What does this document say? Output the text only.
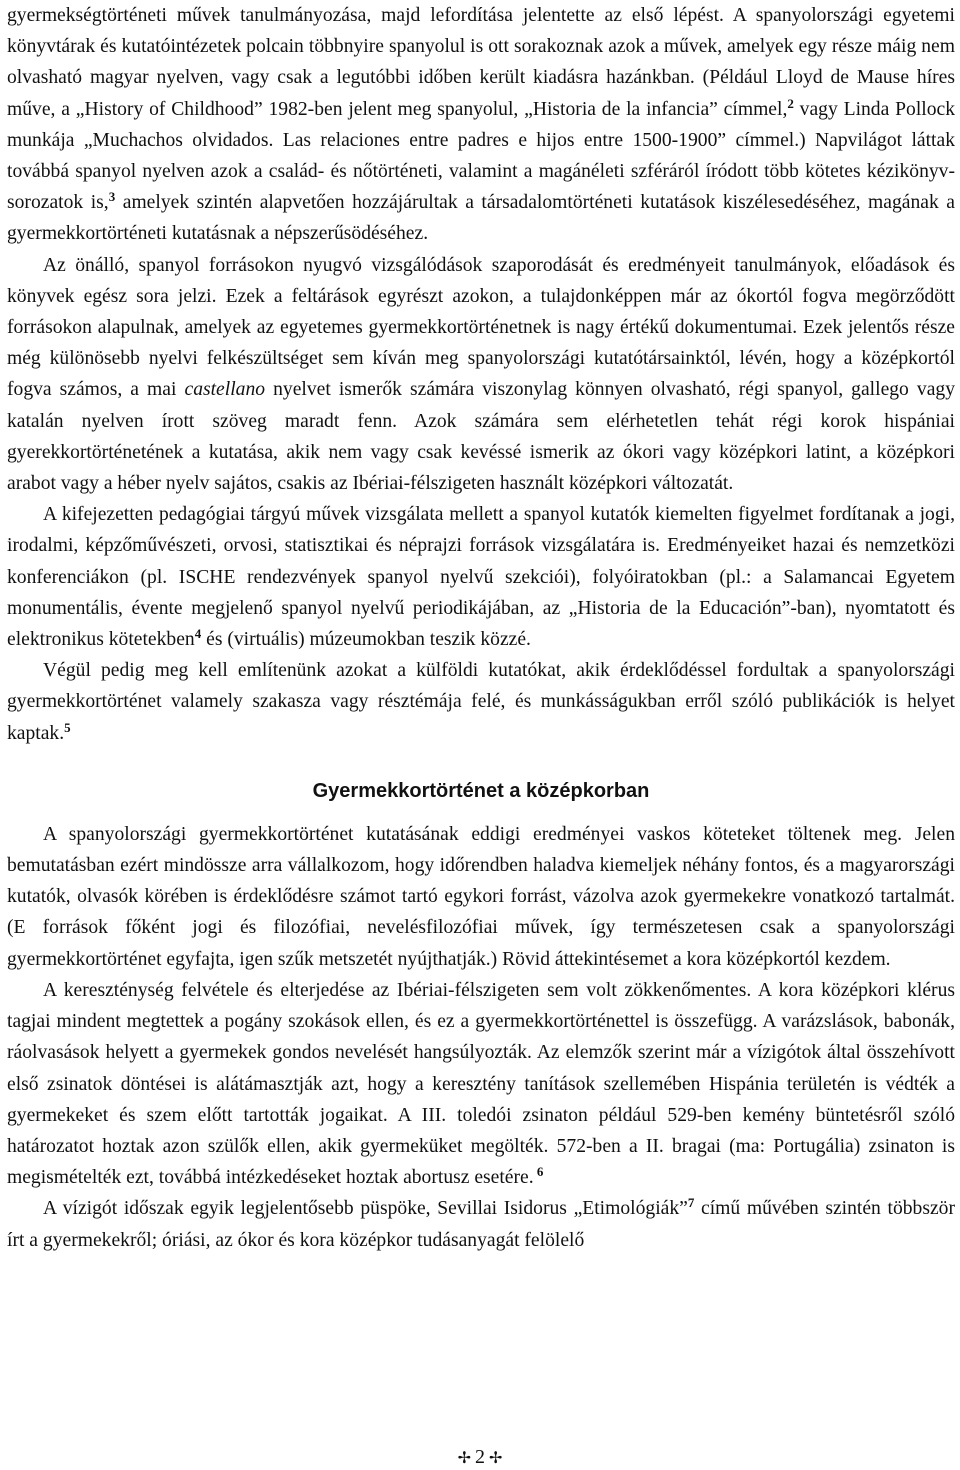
gyermekségtörténeti művek tanulmányozása, majd lefordítása jelentette az első lépést. A spanyolországi egyetemi könyvtárak és kutatóintézetek polcain többnyire spanyolul is ott sorakoznak azok a művek, amelyek egy része máig nem olvasható magyar nyelven, vagy csak a legutóbbi időben került kiadásra hazánkban. (Például Lloyd de Mause híres műve, a „History of Childhood” 1982-ben jelent meg spanyolul, „Historia de la infancia” címmel,$^2$ vagy Linda Pollock munkája „Muchachos olvidados. Las relaciones entre padres e hijos entre 1500-1900” címmel.) Napvilágot láttak továbbá spanyol nyelven azok a család- és nőtörténeti, valamint a magánéleti szféráról íródott több kötetes kézikönyv-sorozatok is,$^3$ amelyek szintén alapvetően hozzájárultak a társadalomtörténeti kutatások kiszélesedéséhez, magának a gyermekkortörténeti kutatásnak a népszerűsödéséhez.

Az önálló, spanyol forrásokon nyugvó vizsgálódások szaporodását és eredményeit tanulmányok, előadások és könyvek egész sora jelzi. Ezek a feltárások egyrészt azokon, a tulajdonképpen már az ókortól fogva megörződött forrásokon alapulnak, amelyek az egyetemes gyermekkortörténetnek is nagy értékű dokumentumai. Ezek jelentős része még különösebb nyelvi felkészültséget sem kíván meg spanyolországi kutatótársainktól, lévén, hogy a középkortól fogva számos, a mai castellano nyelvet ismerők számára viszonylag könnyen olvasható, régi spanyol, gallego vagy katalán nyelven írott szöveg maradt fenn. Azok számára sem elérhetetlen tehát régi korok hispániai gyerekkortörténetének a kutatása, akik nem vagy csak kevéssé ismerik az ókori vagy középkori latint, a középkori arabot vagy a héber nyelv sajátos, csakis az Ibériai-félszigeten használt középkori változatát.

A kifejezetten pedagógiai tárgyú művek vizsgálata mellett a spanyol kutatók kiemelten figyelmet fordítanak a jogi, irodalmi, képzőművészeti, orvosi, statisztikai és néprajzi források vizsgálatára is. Eredményeiket hazai és nemzetközi konferenciákon (pl. ISCHE rendezvények spanyol nyelvű szekciói), folyóiratokban (pl.: a Salamancai Egyetem monumentális, évente megjelenő spanyol nyelvű periodikájában, az „Historia de la Educación”-ban), nyomtatott és elektronikus kötetekben$^4$ és (virtuális) múzeumokban teszik közzé.

Végül pedig meg kell említenünk azokat a külföldi kutatókat, akik érdeklődéssel fordultak a spanyolországi gyermekkortörténet valamely szakasza vagy résztémája felé, és munkásságukban erről szóló publikációk is helyet kaptak.$^5$

Gyermekkortörténet a középkorban

A spanyolországi gyermekkortörténet kutatásának eddigi eredményei vaskos köteteket töltenek meg. Jelen bemutatásban ezért mindössze arra vállalkozom, hogy időrendben haladva kiemeljek néhány fontos, és a magyarországi kutatók, olvasók körében is érdeklődésre számot tartó egykori forrást, vázolva azok gyermekekre vonatkozó tartalmát. (E források főként jogi és filozófiai, nevelésfilozófiai művek, így természetesen csak a spanyolországi gyermekkortörténet egyfajta, igen szűk metszetét nyújthatják.) Rövid áttekintésemet a kora középkortól kezdem.

A kereszténység felvétele és elterjedése az Ibériai-félszigeten sem volt zökkenőmentes. A kora középkori klérus tagjai mindent megtettek a pogány szokások ellen, és ez a gyermekkortörténettel is összefügg. A varázslások, babonák, ráolvasások helyett a gyermekek gondos nevelését hangsúlyozták. Az elemzők szerint már a vízigótok által összehívott első zsinatok döntései is alátámasztják azt, hogy a keresztény tanítások szellemében Hispánia területén is védték a gyermekeket és szem előtt tartották jogaikat. A III. toledói zsinaton például 529-ben kemény büntetésről szóló határozatot hoztak azon szülők ellen, akik gyermeküket megölték. 572-ben a II. bragai (ma: Portugália) zsinaton is megismételték ezt, továbbá intézkedéseket hoztak abortusz esetére. $^6$

A vízigót időszak egyik legjelentősebb püspöke, Sevillai Isidorus „Etimológiák”$^7$ című művében szintén többször írt a gyermekekről; óriási, az ókor és kora középkor tudásanyagát felölelő

✢ 2 ✢
